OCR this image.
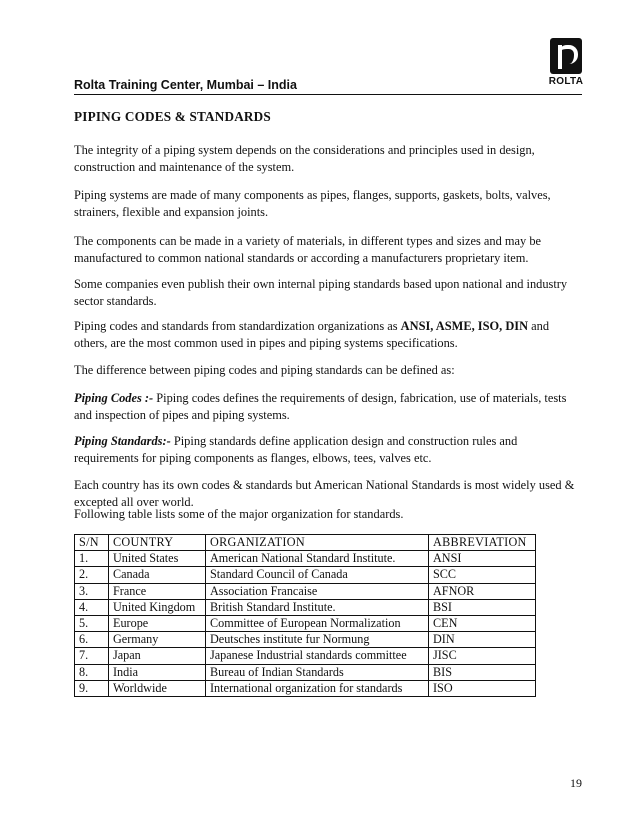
Rolta Training Center, Mumbai – India	ROLTA
PIPING CODES & STANDARDS

The integrity of a piping system depends on the considerations and principles used in design, construction and maintenance of the system.

Piping systems are made of many components as pipes, flanges, supports, gaskets, bolts, valves, strainers, flexible and expansion joints.

The components can be made in a variety of materials, in different types and sizes and may be manufactured to common national standards or according a manufacturers proprietary item.

Some companies even publish their own internal piping standards based upon national and industry sector standards.

Piping codes and standards from standardization organizations as ANSI, ASME, ISO, DIN and others, are the most common used in pipes and piping systems specifications.

The difference between piping codes and piping standards can be defined as:

Piping Codes :- Piping codes defines the requirements of design, fabrication, use of materials, tests and inspection of pipes and piping systems.

Piping Standards:- Piping standards define application design and construction rules and requirements for piping components as flanges, elbows, tees, valves etc.

Each country has its own codes & standards but American National Standards is most widely used & excepted all over world.

Following table lists some of the major organization for standards.

S/N	COUNTRY	ORGANIZATION	ABBREVIATION
1.	United States	American National Standard Institute.	ANSI
2.	Canada	Standard Council of Canada	SCC
3.	France	Association Francaise	AFNOR
4.	United Kingdom	British Standard Institute.	BSI
5.	Europe	Committee of European Normalization	CEN
6.	Germany	Deutsches institute fur Normung	DIN
7.	Japan	Japanese Industrial standards committee	JISC
8.	India	Bureau of Indian Standards	BIS
9.	Worldwide	International organization for standards	ISO
19
